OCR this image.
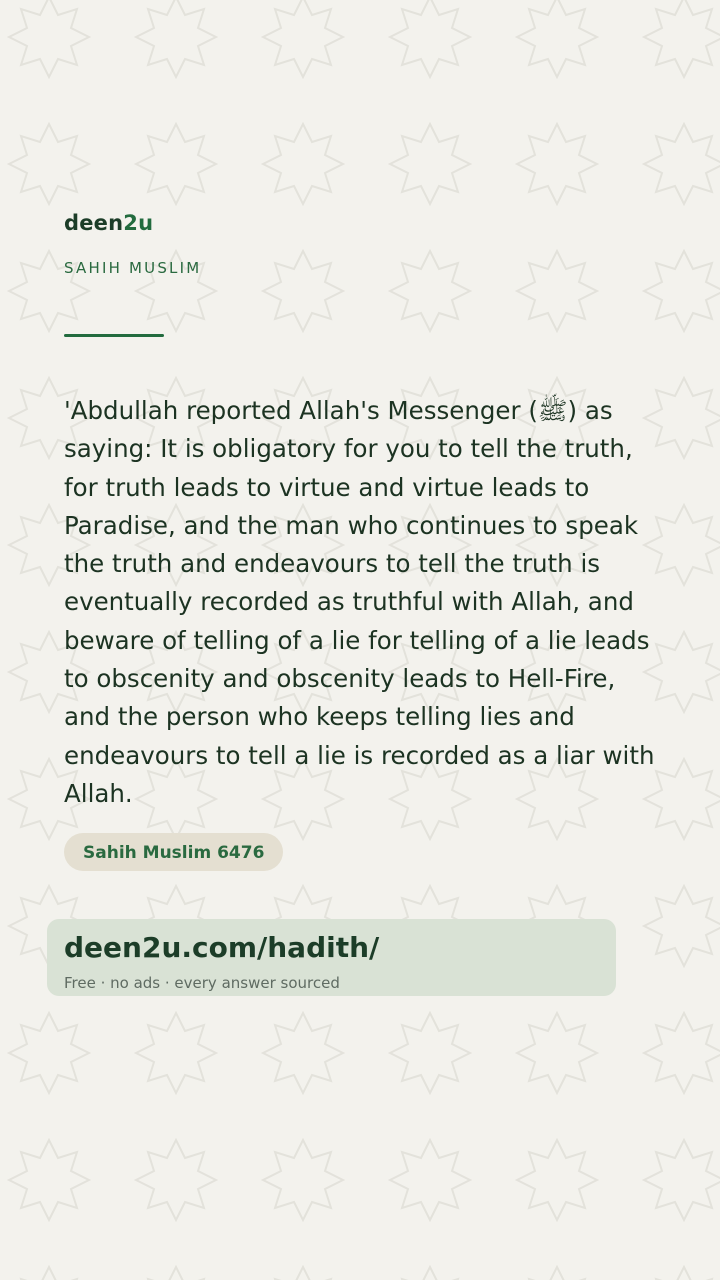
deen2u
SAHIH MUSLIM

'Abdullah reported Allah's Messenger (ﷺ) as saying: It is obligatory for you to tell the truth, for truth leads to virtue and virtue leads to Paradise, and the man who continues to speak the truth and endeavours to tell the truth is eventually recorded as truthful with Allah, and beware of telling of a lie for telling of a lie leads to obscenity and obscenity leads to Hell-Fire, and the person who keeps telling lies and endeavours to tell a lie is recorded as a liar with Allah.

Sahih Muslim 6476
deen2u.com/hadith/
Free · no ads · every answer sourced
